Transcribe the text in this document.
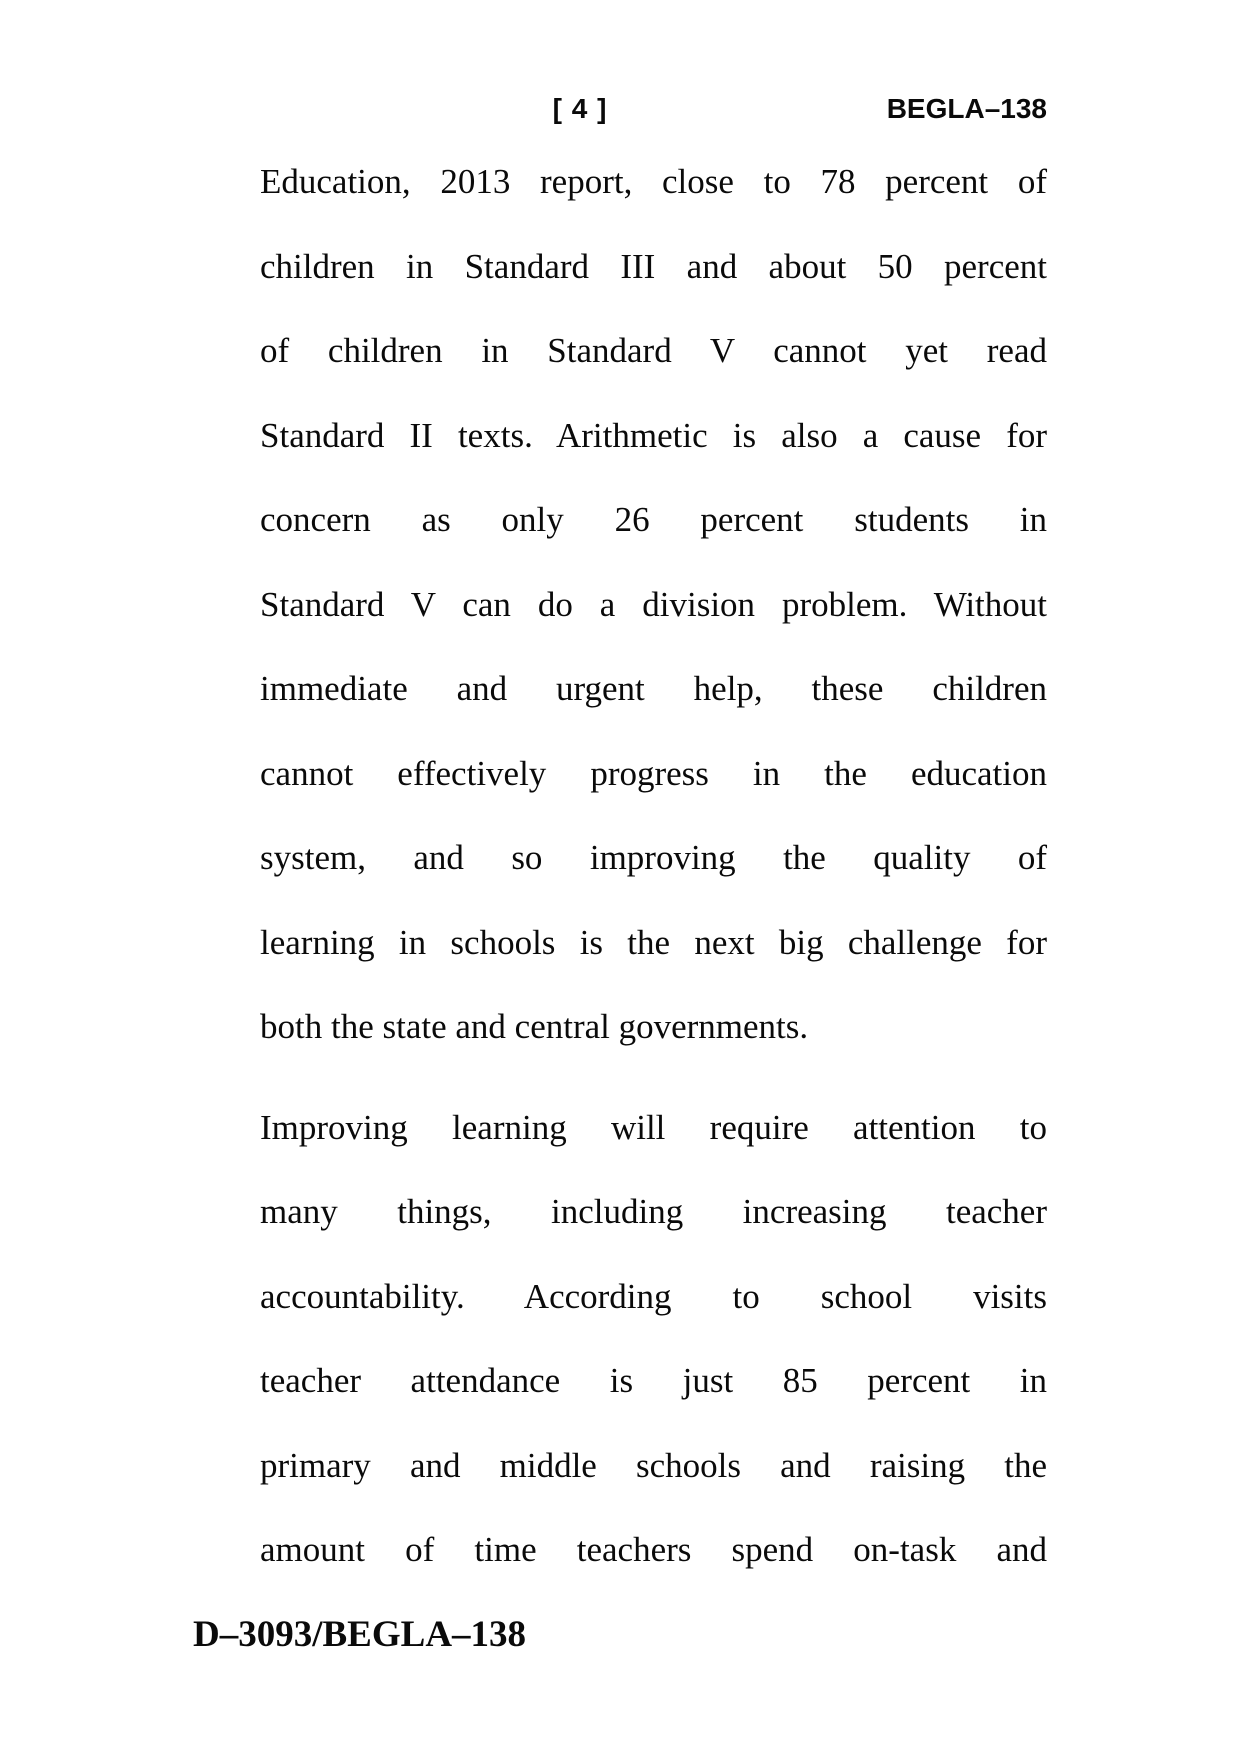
[ 4 ]	BEGLA–138
Education, 2013 report, close to 78 percent of
children in Standard III and about 50 percent
of children in Standard V cannot yet read
Standard II texts. Arithmetic is also a cause for
concern as only 26 percent students in
Standard V can do a division problem. Without
immediate and urgent help, these children
cannot effectively progress in the education
system, and so improving the quality of
learning in schools is the next big challenge for
both the state and central governments.
Improving learning will require attention to
many things, including increasing teacher
accountability. According to school visits
teacher attendance is just 85 percent in
primary and middle schools and raising the
amount of time teachers spend on-task and
D–3093/BEGLA–138
